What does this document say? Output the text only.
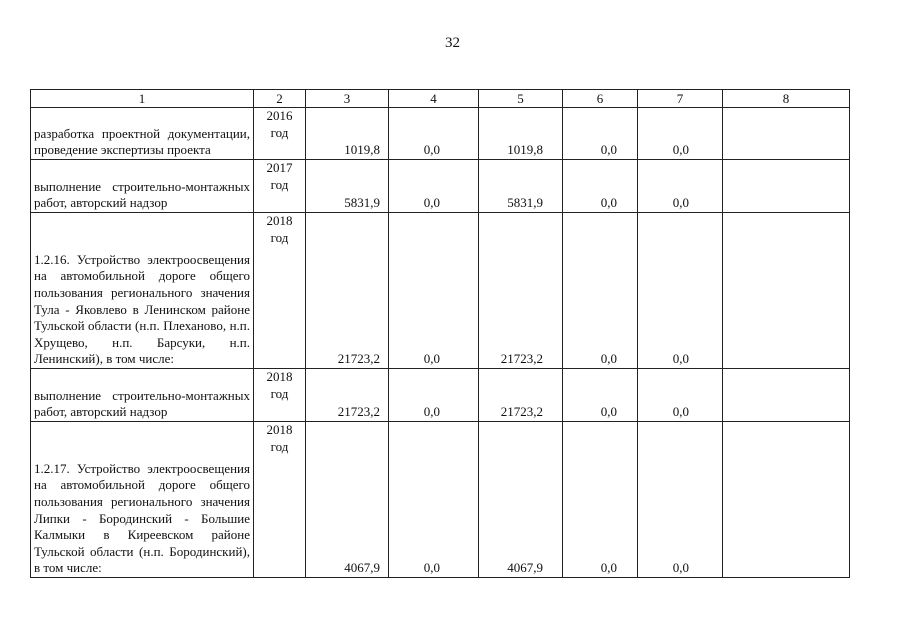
32
1	2	3	4	5	6	7	8
разработка проектной документации, проведение экспертизы проекта	2016 год	1019,8	0,0	1019,8	0,0	0,0	
выполнение строительно-монтажных работ, авторский надзор	2017 год	5831,9	0,0	5831,9	0,0	0,0	
1.2.16. Устройство электроосвещения на автомобильной дороге общего пользования регионального значения Тула - Яковлево в Ленинском районе Тульской области (н.п. Плеханово, н.п. Хрущево, н.п. Барсуки, н.п. Ленинский), в том числе:	2018 год	21723,2	0,0	21723,2	0,0	0,0	
выполнение строительно-монтажных работ, авторский надзор	2018 год	21723,2	0,0	21723,2	0,0	0,0	
1.2.17. Устройство электроосвещения на автомобильной дороге общего пользования регионального значения Липки - Бородинский - Большие Калмыки в Киреевском районе Тульской области (н.п. Бородинский), в том числе:	2018 год	4067,9	0,0	4067,9	0,0	0,0	
